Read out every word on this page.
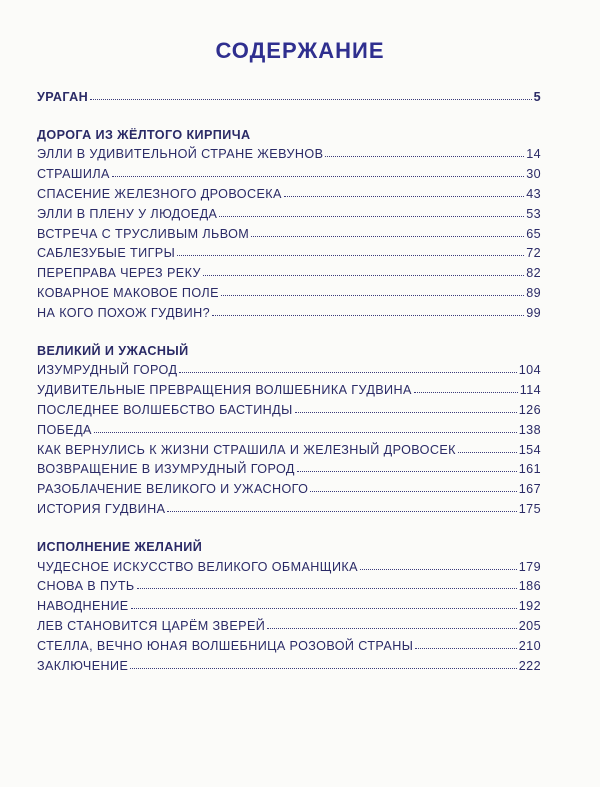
СОДЕРЖАНИЕ
УРАГАН	5
ДОРОГА ИЗ ЖЁЛТОГО КИРПИЧА
ЭЛЛИ В УДИВИТЕЛЬНОЙ СТРАНЕ ЖЕВУНОВ	14
СТРАШИЛА	30
СПАСЕНИЕ ЖЕЛЕЗНОГО ДРОВОСЕКА	43
ЭЛЛИ В ПЛЕНУ У ЛЮДОЕДА	53
ВСТРЕЧА С ТРУСЛИВЫМ ЛЬВОМ	65
САБЛЕЗУБЫЕ ТИГРЫ	72
ПЕРЕПРАВА ЧЕРЕЗ РЕКУ	82
КОВАРНОЕ МАКОВОЕ ПОЛЕ	89
НА КОГО ПОХОЖ ГУДВИН?	99
ВЕЛИКИЙ И УЖАСНЫЙ
ИЗУМРУДНЫЙ ГОРОД	104
УДИВИТЕЛЬНЫЕ ПРЕВРАЩЕНИЯ ВОЛШЕБНИКА ГУДВИНА	114
ПОСЛЕДНЕЕ ВОЛШЕБСТВО БАСТИНДЫ	126
ПОБЕДА	138
КАК ВЕРНУЛИСЬ К ЖИЗНИ СТРАШИЛА И ЖЕЛЕЗНЫЙ ДРОВОСЕК	154
ВОЗВРАЩЕНИЕ В ИЗУМРУДНЫЙ ГОРОД	161
РАЗОБЛАЧЕНИЕ ВЕЛИКОГО И УЖАСНОГО	167
ИСТОРИЯ ГУДВИНА	175
ИСПОЛНЕНИЕ ЖЕЛАНИЙ
ЧУДЕСНОЕ ИСКУССТВО ВЕЛИКОГО ОБМАНЩИКА	179
СНОВА В ПУТЬ	186
НАВОДНЕНИЕ	192
ЛЕВ СТАНОВИТСЯ ЦАРЁМ ЗВЕРЕЙ	205
СТЕЛЛА, ВЕЧНО ЮНАЯ ВОЛШЕБНИЦА РОЗОВОЙ СТРАНЫ	210
ЗАКЛЮЧЕНИЕ	222
